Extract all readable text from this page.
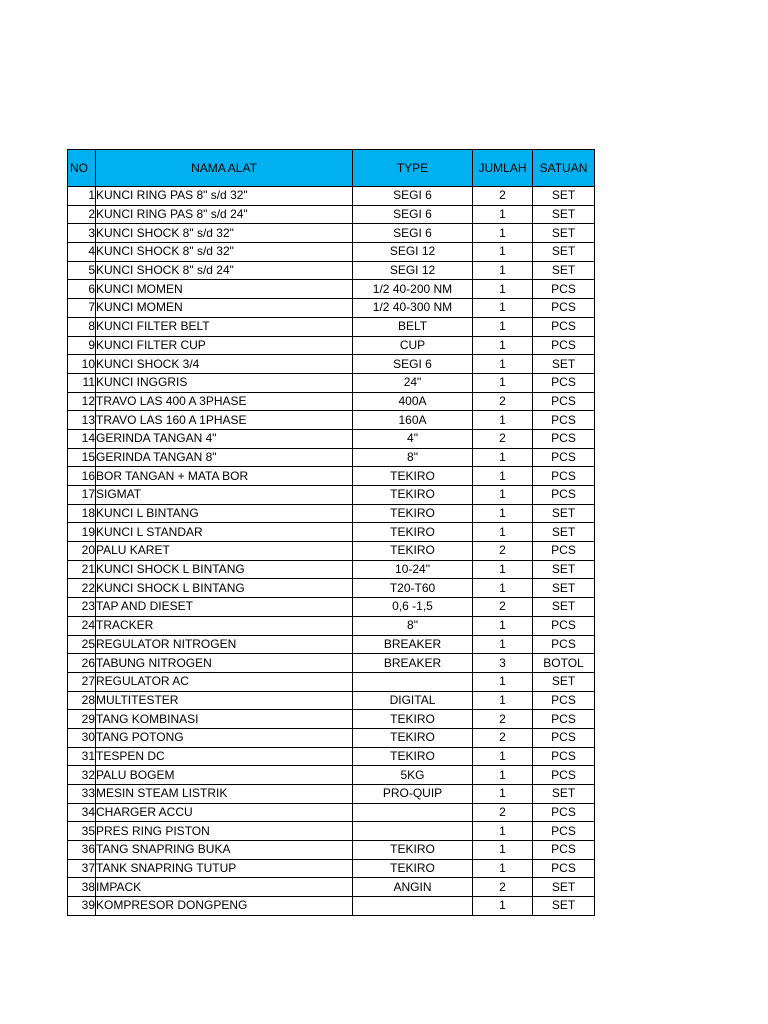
NO	NAMA ALAT	TYPE	JUMLAH	SATUAN
1	KUNCI RING PAS 8" s/d 32"	SEGI 6	2	SET
2	KUNCI RING PAS 8" s/d 24"	SEGI 6	1	SET
3	KUNCI SHOCK 8" s/d 32"	SEGI 6	1	SET
4	KUNCI SHOCK 8" s/d 32"	SEGI 12	1	SET
5	KUNCI SHOCK 8" s/d 24"	SEGI 12	1	SET
6	KUNCI MOMEN	1/2 40-200 NM	1	PCS
7	KUNCI MOMEN	1/2 40-300 NM	1	PCS
8	KUNCI FILTER BELT	BELT	1	PCS
9	KUNCI FILTER CUP	CUP	1	PCS
10	KUNCI SHOCK 3/4	SEGI 6	1	SET
11	KUNCI INGGRIS	24"	1	PCS
12	TRAVO LAS 400 A 3PHASE	400A	2	PCS
13	TRAVO LAS 160 A 1PHASE	160A	1	PCS
14	GERINDA TANGAN 4"	4"	2	PCS
15	GERINDA TANGAN 8"	8"	1	PCS
16	BOR TANGAN + MATA BOR	TEKIRO	1	PCS
17	SIGMAT	TEKIRO	1	PCS
18	KUNCI L BINTANG	TEKIRO	1	SET
19	KUNCI L STANDAR	TEKIRO	1	SET
20	PALU KARET	TEKIRO	2	PCS
21	KUNCI SHOCK L BINTANG	10-24"	1	SET
22	KUNCI SHOCK L BINTANG	T20-T60	1	SET
23	TAP AND DIESET	0,6 -1,5	2	SET
24	TRACKER	8"	1	PCS
25	REGULATOR NITROGEN	BREAKER	1	PCS
26	TABUNG NITROGEN	BREAKER	3	BOTOL
27	REGULATOR AC		1	SET
28	MULTITESTER	DIGITAL	1	PCS
29	TANG KOMBINASI	TEKIRO	2	PCS
30	TANG POTONG	TEKIRO	2	PCS
31	TESPEN DC	TEKIRO	1	PCS
32	PALU BOGEM	5KG	1	PCS
33	MESIN STEAM LISTRIK	PRO-QUIP	1	SET
34	CHARGER ACCU		2	PCS
35	PRES RING PISTON		1	PCS
36	TANG SNAPRING BUKA	TEKIRO	1	PCS
37	TANK SNAPRING TUTUP	TEKIRO	1	PCS
38	IMPACK	ANGIN	2	SET
39	KOMPRESOR DONGPENG		1	SET
